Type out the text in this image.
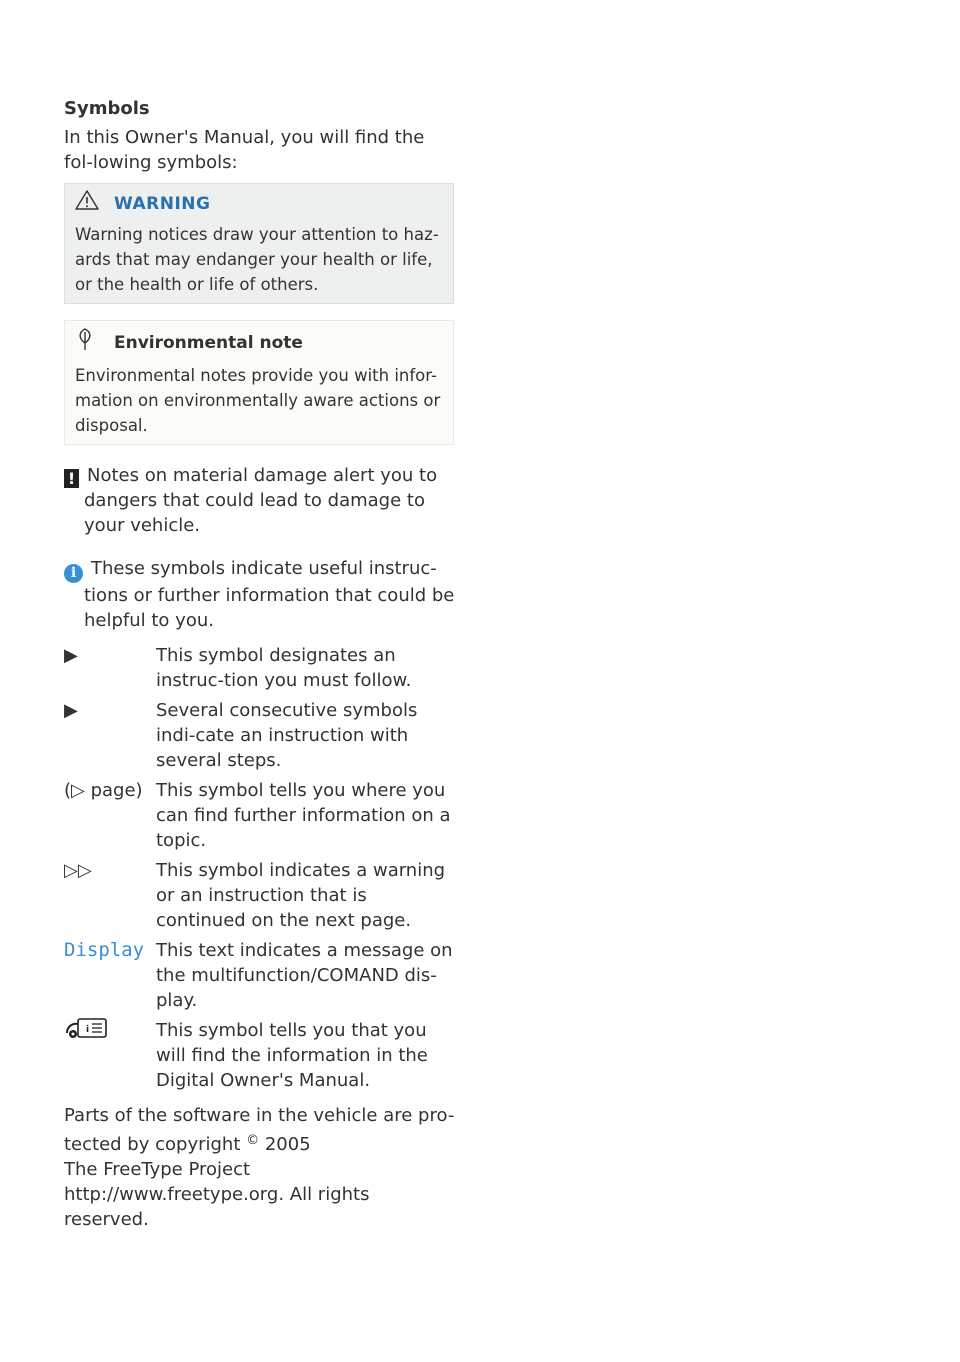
Symbols
In this Owner's Manual, you will find the fol-lowing symbols:
WARNING
Warning notices draw your attention to haz-ards that may endanger your health or life, or the health or life of others.
Environmental note
Environmental notes provide you with infor-mation on environmentally aware actions or disposal.
! Notes on material damage alert you to dangers that could lead to damage to your vehicle.
i These symbols indicate useful instruc-tions or further information that could be helpful to you.
▶	This symbol designates an instruc-tion you must follow.
▶	Several consecutive symbols indi-cate an instruction with several steps.
(▷ page) This symbol tells you where you can find further information on a topic.
▷▷	This symbol indicates a warning or an instruction that is continued on the next page.
Display This text indicates a message on the multifunction/COMAND dis-play.
i	This symbol tells you that you will find the information in the Digital Owner's Manual.

Parts of the software in the vehicle are pro-tected by copyright © 2005

The FreeType Project

http://www.freetype.org. All rights reserved.
